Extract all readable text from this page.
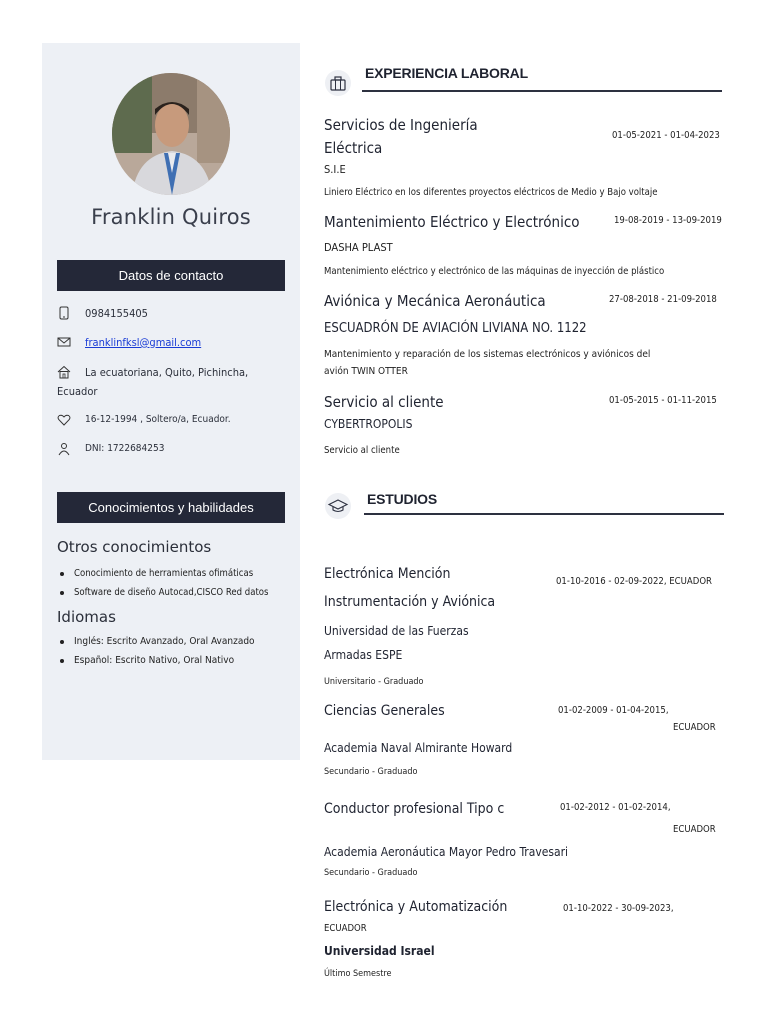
Franklin Quiros
Datos de contacto
0984155405
franklinfksl@gmail.com
La ecuatoriana, Quito, Pichincha,
Ecuador
16-12-1994 , Soltero/a, Ecuador.
DNI: 1722684253
Conocimientos y habilidades
Otros conocimientos
Conocimiento de herramientas ofimáticas
Software de diseño Autocad,CISCO Red datos
Idiomas
Inglés: Escrito Avanzado, Oral Avanzado
Español: Escrito Nativo, Oral Nativo
EXPERIENCIA LABORAL
Servicios de Ingeniería
Eléctrica
01-05-2021 - 01-04-2023
S.I.E
Liniero Eléctrico en los diferentes proyectos eléctricos de Medio y Bajo voltaje
Mantenimiento Eléctrico y Electrónico	19-08-2019 - 13-09-2019
DASHA PLAST
Mantenimiento eléctrico y electrónico de las máquinas de inyección de plástico
Aviónica y Mecánica Aeronáutica	27-08-2018 - 21-09-2018
ESCUADRÓN DE AVIACIÓN LIVIANA NO. 1122
Mantenimiento y reparación de los sistemas electrónicos y aviónicos del
avión TWIN OTTER
Servicio al cliente	01-05-2015 - 01-11-2015
CYBERTROPOLIS
Servicio al cliente
ESTUDIOS
Electrónica Mención
Instrumentación y Aviónica
01-10-2016 - 02-09-2022, ECUADOR
Universidad de las Fuerzas
Armadas ESPE
Universitario - Graduado
Ciencias Generales	01-02-2009 - 01-04-2015,
ECUADOR
Academia Naval Almirante Howard
Secundario - Graduado
Conductor profesional Tipo c	01-02-2012 - 01-02-2014,
ECUADOR
Academia Aeronáutica Mayor Pedro Travesari
Secundario - Graduado
Electrónica y Automatización	01-10-2022 - 30-09-2023,
ECUADOR
Universidad Israel
Último Semestre
